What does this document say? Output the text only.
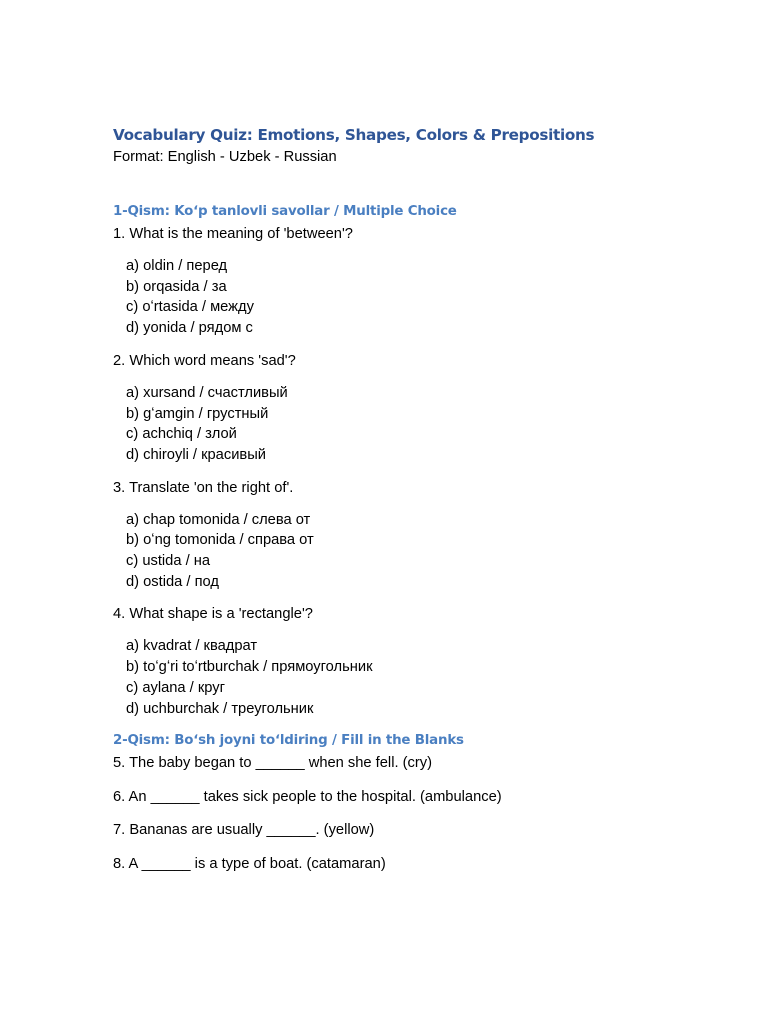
Vocabulary Quiz: Emotions, Shapes, Colors & Prepositions

Format: English - Uzbek - Russian

1-Qism: Koʻp tanlovli savollar / Multiple Choice

1. What is the meaning of 'between'?

a) oldin / перед
b) orqasida / за
c) oʻrtasida / между
d) yonida / рядом с

2. Which word means 'sad'?

a) xursand / счастливый
b) gʻamgin / грустный
c) achchiq / злой
d) chiroyli / красивый

3. Translate 'on the right of'.

a) chap tomonida / слева от
b) oʻng tomonida / справа от
c) ustida / на
d) ostida / под

4. What shape is a 'rectangle'?

a) kvadrat / квадрат
b) toʻgʻri toʻrtburchak / прямоугольник
c) aylana / круг
d) uchburchak / треугольник
2-Qism: Boʻsh joyni toʻldiring / Fill in the Blanks

5. The baby began to ______ when she fell. (cry)

6. An ______ takes sick people to the hospital. (ambulance)

7. Bananas are usually ______. (yellow)

8. A ______ is a type of boat. (catamaran)
